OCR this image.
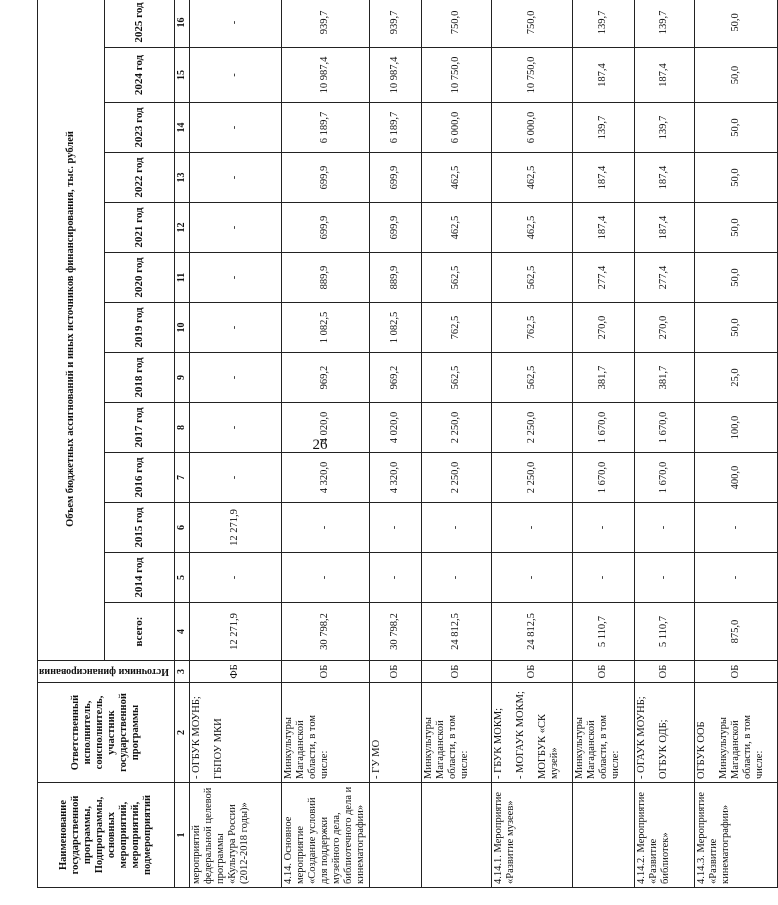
26
Наименование государственной программы, Подпрограммы, основных мероприятий, мероприятий, подмероприятий	Ответственный исполнитель, соисполнитель, участник государственной программы	Источники финансирования	Объем бюджетных ассигнований и иных источников финансирования, тыс. рублей												
			всего:	2014 год	2015 год	2016 год	2017 год	2018 год	2019 год	2020 год	2021 год	2022 год	2023 год	2024 год	2025 год
1	2	3	4	5	6	7	8	9	10	11	12	13	14	15	16
мероприятий федеральной целевой программы «Культура России (2012-2018 годы)»	- ОГБУК МОУНБ; ГБПОУ МКИ	ФБ	12 271,9	-	12 271,9	-	-	-	-	-	-	-	-	-	-
4.14. Основное мероприятие «Создание условий для поддержки музейного дела, библиотечного дела и кинематографии»	Минкультуры Магаданской области, в том числе:	ОБ	30 798,2	-	-	4 320,0	4 020,0	969,2	1 082,5	889,9	699,9	699,9	6 189,7	10 987,4	939,7

	- ГУ МО	ОБ	30 798,2	-	-	4 320,0	4 020,0	969,2	1 082,5	889,9	699,9	699,9	6 189,7	10 987,4	939,7

	Минкультуры Магаданской области, в том числе:	ОБ	24 812,5	-	-	2 250,0	2 250,0	562,5	762,5	562,5	462,5	462,5	6 000,0	10 750,0	750,0
4.14.1. Мероприятие «Развитие музеев»	- ГБУК МОКМ; - МОГАУК МОКМ; МОГБУК «СК музей»	ОБ	24 812,5	-	-	2 250,0	2 250,0	562,5	762,5	562,5	462,5	462,5	6 000,0	10 750,0	750,0

	Минкультуры Магаданской области, в том числе:	ОБ	5 110,7	-	-	1 670,0	1 670,0	381,7	270,0	277,4	187,4	187,4	139,7	187,4	139,7
4.14.2. Мероприятие «Развитие библиотек»	- ОГАУК МОУНБ; ОГБУК ОДБ;	ОБ	5 110,7	-	-	1 670,0	1 670,0	381,7	270,0	277,4	187,4	187,4	139,7	187,4	139,7
4.14.3. Мероприятие «Развитие кинематографии»	ОГБУК ООБ Минкультуры Магаданской области, в том числе:	ОБ	875,0	-	-	400,0	100,0	25,0	50,0	50,0	50,0	50,0	50,0	50,0	50,0
